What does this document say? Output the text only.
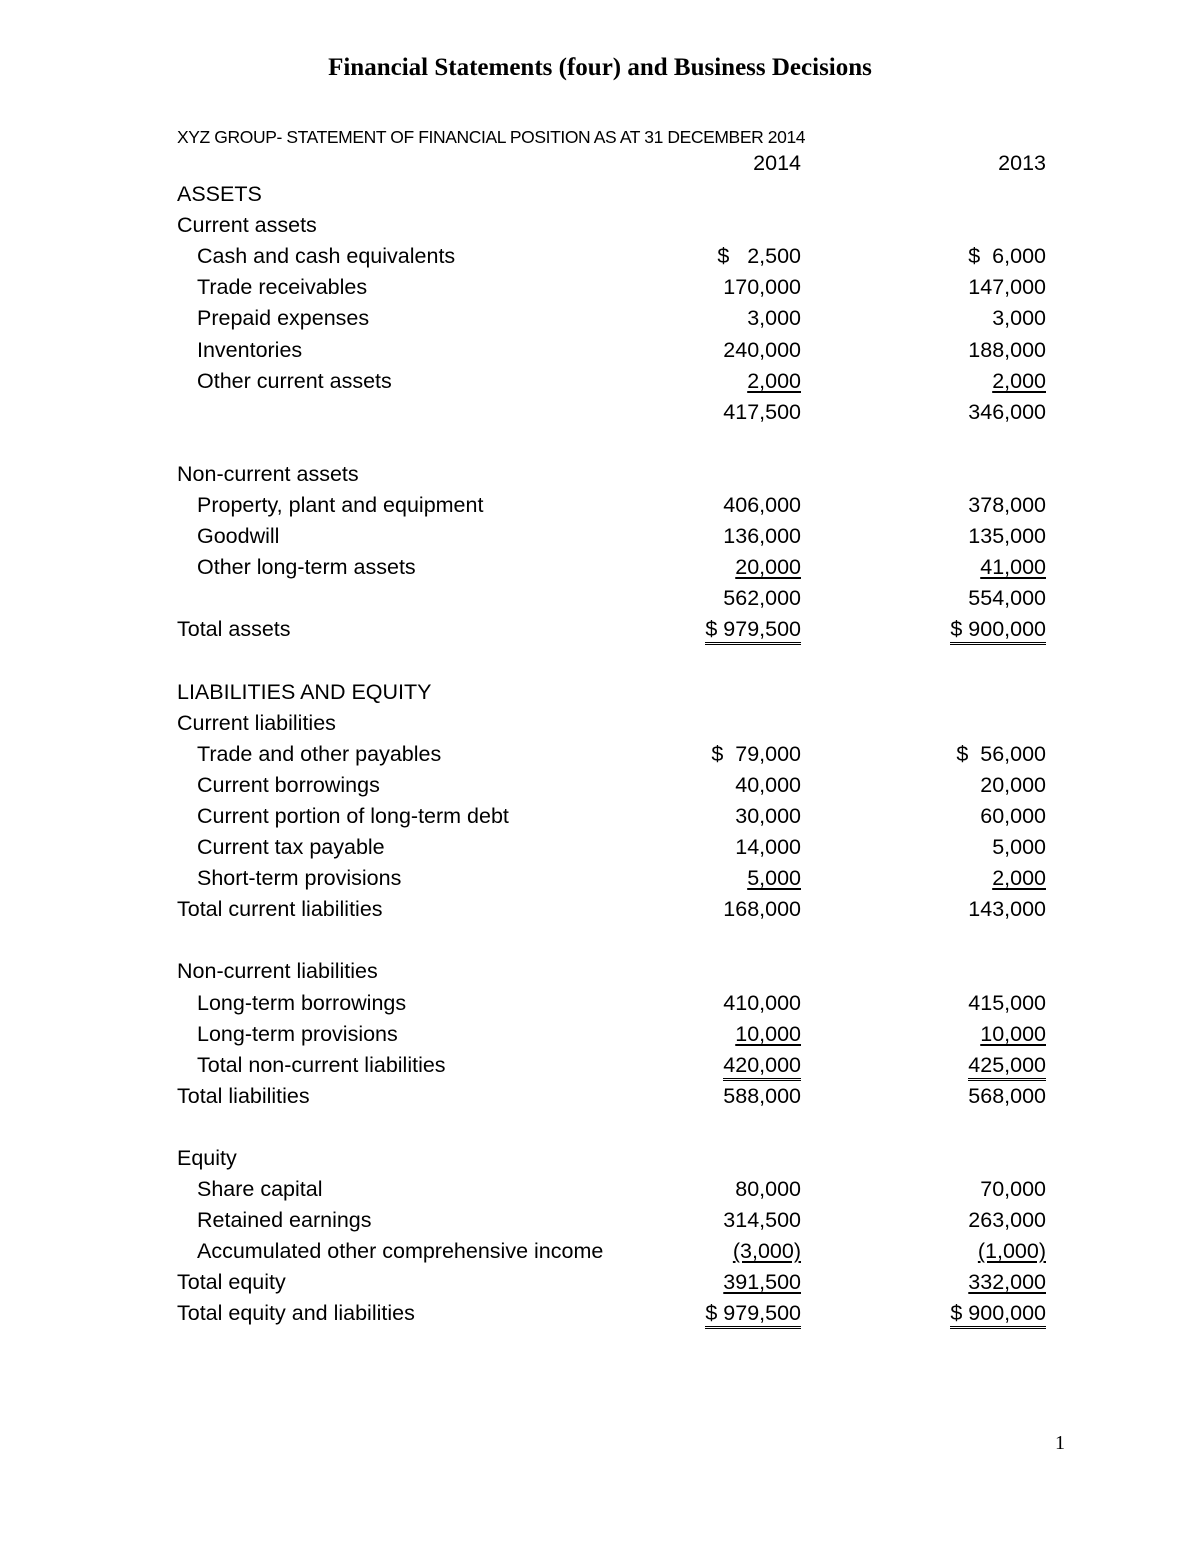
Financial Statements (four) and Business Decisions
XYZ GROUP- STATEMENT OF FINANCIAL POSITION AS AT 31 DECEMBER 2014
2014	2013
ASSETS
Current assets
Cash and cash equivalents	$   2,500	$  6,000
Trade receivables	170,000	147,000
Prepaid expenses	3,000	3,000
Inventories	240,000	188,000
Other current assets	2,000	2,000
417,500	346,000
Non-current assets
Property, plant and equipment	406,000	378,000
Goodwill	136,000	135,000
Other long-term assets	20,000	41,000
562,000	554,000
Total assets	$ 979,500	$ 900,000
LIABILITIES AND EQUITY
Current liabilities
Trade and other payables	$  79,000	$  56,000
Current borrowings	40,000	20,000
Current portion of long-term debt	30,000	60,000
Current tax payable	14,000	5,000
Short-term provisions	5,000	2,000
Total current liabilities	168,000	143,000
Non-current liabilities
Long-term borrowings	410,000	415,000
Long-term provisions	10,000	10,000
Total non-current liabilities	420,000	425,000
Total liabilities	588,000	568,000
Equity
Share capital	80,000	70,000
Retained earnings	314,500	263,000
Accumulated other comprehensive income	(3,000)	(1,000)
Total equity	391,500	332,000
Total equity and liabilities	$ 979,500	$ 900,000
1
